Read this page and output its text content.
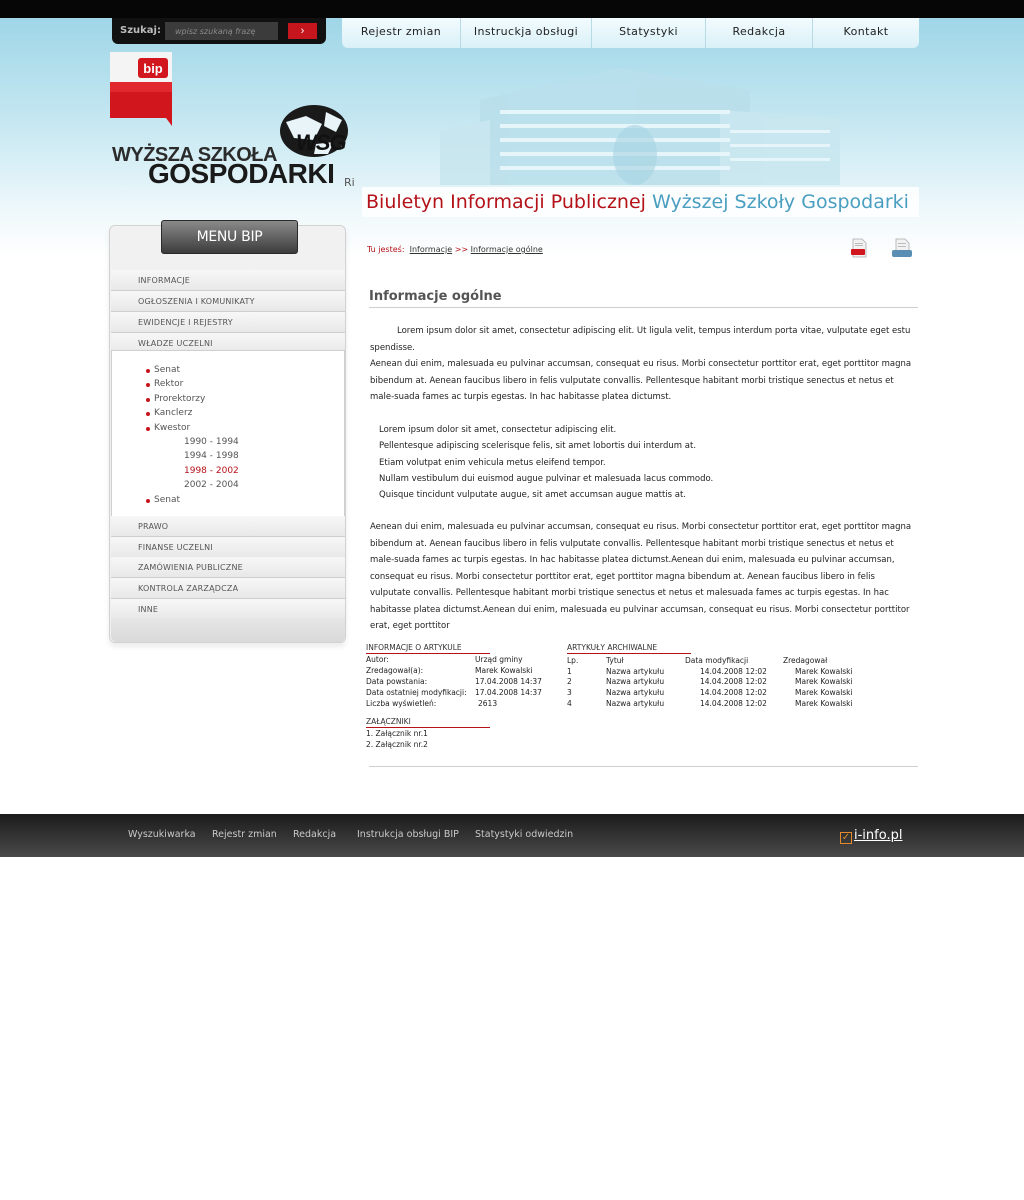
Szukaj:
wpisz szukaną frazę	›	Rejestr zmian	Instruckja obsługi	Statystyki	Redakcja	Kontakt
bip
WYŻSZA SZKOŁA
GOSPODARKI
WSG
Ri
Biuletyn Informacji Publicznej Wyższej Szkoły Gospodarki
MENU BIP
INFORMACJE
OGŁOSZENIA I KOMUNIKATY
EWIDENCJE I REJESTRY
WŁADZE UCZELNI
Senat
Rektor
Prorektorzy
Kanclerz
Kwestor
1990 - 1994
1994 - 1998
1998 - 2002
2002 - 2004
Senat
PRAWO
FINANSE UCZELNI
ZAMÓWIENIA PUBLICZNE
KONTROLA ZARZĄDCZA
INNE
Tu jesteś: Informacje >> Informacje ogólne
Informacje ogólne

Lorem ipsum dolor sit amet, consectetur adipiscing elit. Ut ligula velit, tempus interdum porta vitae, vulputate eget estu spendisse.

Aenean dui enim, malesuada eu pulvinar accumsan, consequat eu risus. Morbi consectetur porttitor erat, eget porttitor magna bibendum at. Aenean faucibus libero in felis vulputate convallis. Pellentesque habitant morbi tristique senectus et netus et male-suada fames ac turpis egestas. In hac habitasse platea dictumst.

Lorem ipsum dolor sit amet, consectetur adipiscing elit.
Pellentesque adipiscing scelerisque felis, sit amet lobortis dui interdum at.
Etiam volutpat enim vehicula metus eleifend tempor.
Nullam vestibulum dui euismod augue pulvinar et malesuada lacus commodo.
Quisque tincidunt vulputate augue, sit amet accumsan augue mattis at.

Aenean dui enim, malesuada eu pulvinar accumsan, consequat eu risus. Morbi consectetur porttitor erat, eget porttitor magna bibendum at. Aenean faucibus libero in felis vulputate convallis. Pellentesque habitant morbi tristique senectus et netus et male-suada fames ac turpis egestas. In hac habitasse platea dictumst.Aenean dui enim, malesuada eu pulvinar accumsan, consequat eu risus. Morbi consectetur porttitor erat, eget porttitor magna bibendum at. Aenean faucibus libero in felis vulputate convallis. Pellentesque habitant morbi tristique senectus et netus et malesuada fames ac turpis egestas. In hac habitasse platea dictumst.Aenean dui enim, malesuada eu pulvinar accumsan, consequat eu risus. Morbi consectetur porttitor erat, eget porttitor

INFORMACJE O ARTYKULE
Autor:	Urząd gminy
Zredagował(a):	Marek Kowalski
Data powstania:	17.04.2008 14:37
Data ostatniej modyfikacji: 17.04.2008 14:37
Liczba wyświetleń:	2613
ARTYKUŁY ARCHIWALNE
Lp.	Tytuł	Data modyfikacji	Zredagował
1	Nazwa artykułu	14.04.2008 12:02	Marek Kowalski
2	Nazwa artykułu	14.04.2008 12:02	Marek Kowalski
3	Nazwa artykułu	14.04.2008 12:02	Marek Kowalski
4	Nazwa artykułu	14.04.2008 12:02	Marek Kowalski
ZAŁĄCZNIKI
1. Załącznik nr.1
2. Załącznik nr.2
Wyszukiwarka Rejestr zmian Redakcja Instrukcja obsługi BIP Statystyki odwiedzin	✓ i-info.pl
